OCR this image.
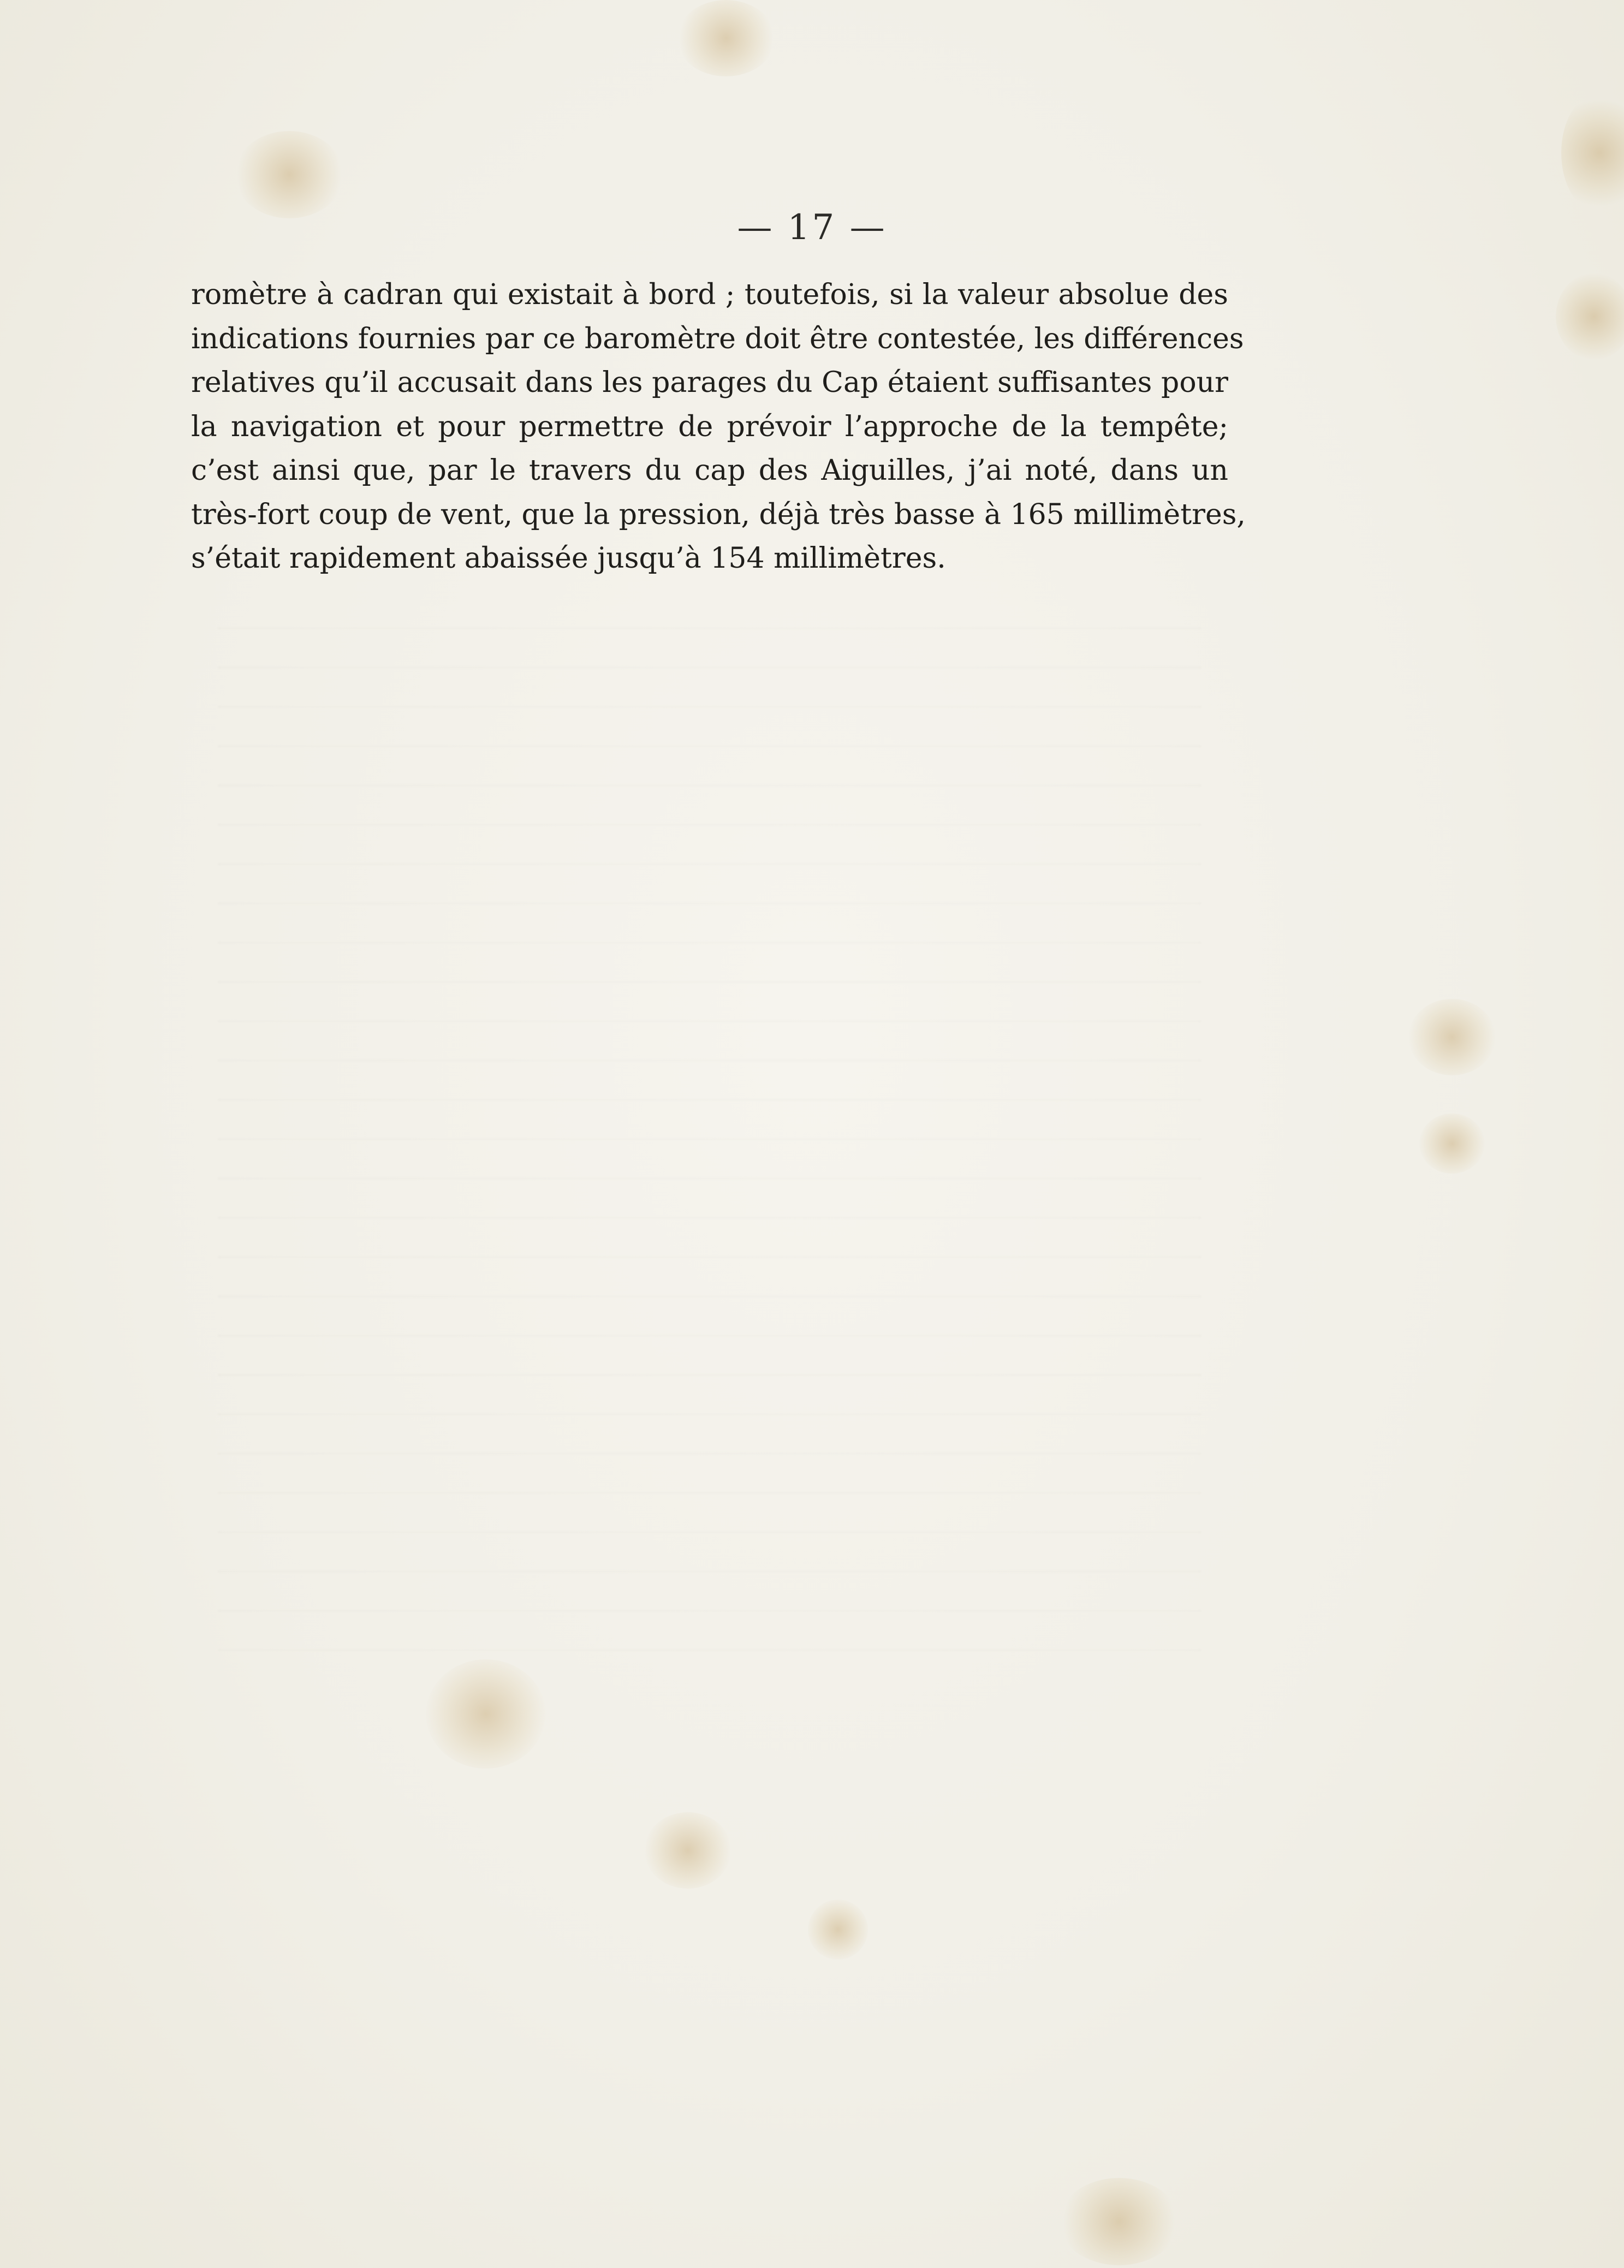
— 17 —
romètre à cadran qui existait à bord ; toutefois, si la valeur absolue des
indications fournies par ce baromètre doit être contestée, les différences
relatives qu’il accusait dans les parages du Cap étaient suffisantes pour
la navigation et pour permettre de prévoir l’approche de la tempête;
c’est ainsi que, par le travers du cap des Aiguilles, j’ai noté, dans un
très-fort coup de vent, que la pression, déjà très basse à 165 millimètres,
s’était rapidement abaissée jusqu’à 154 millimètres.
